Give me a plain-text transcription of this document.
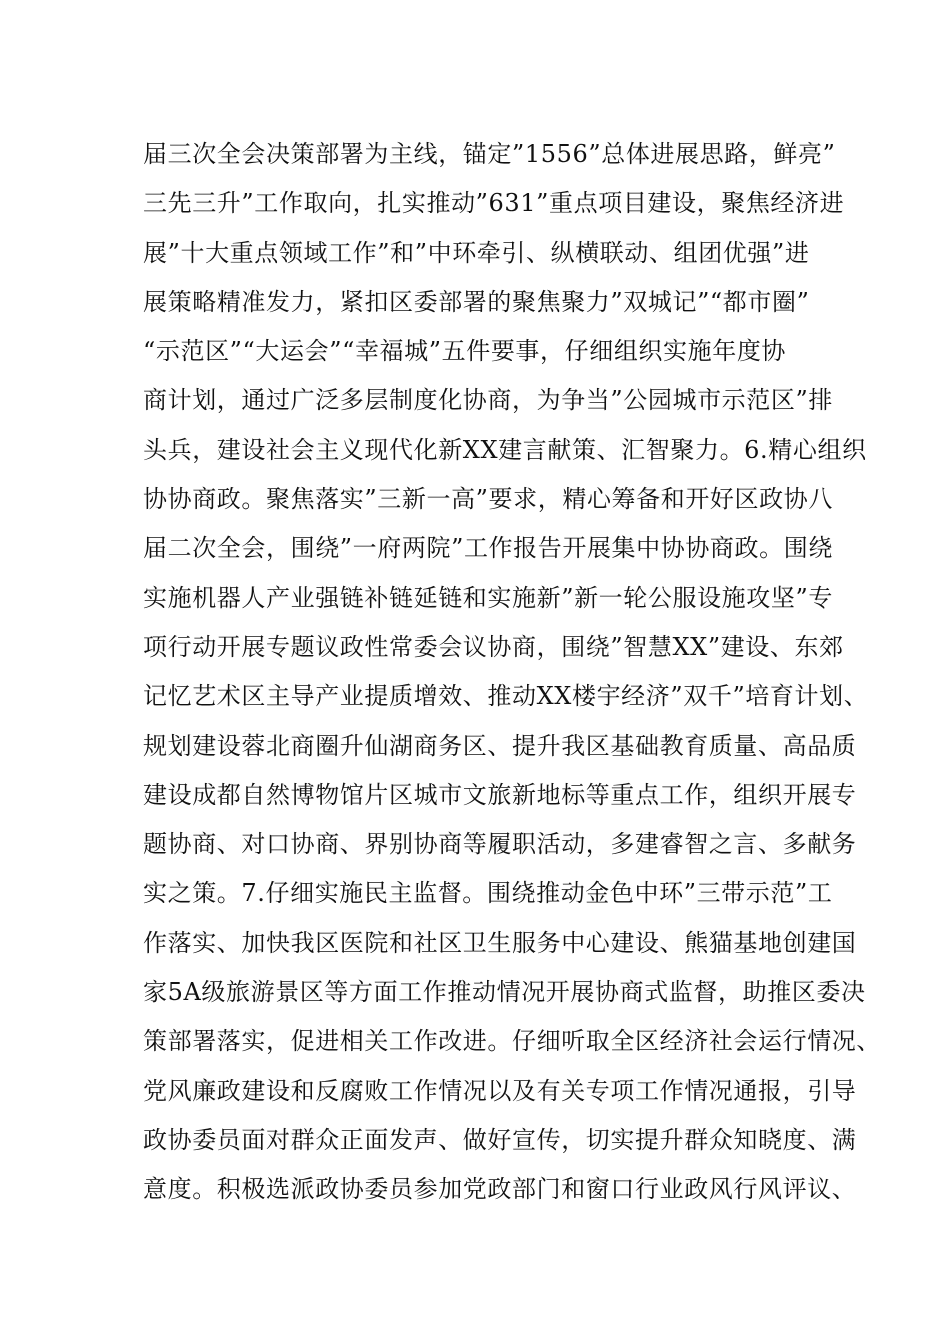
届三次全会决策部署为主线，锚定”1556”总体进展思路，鲜亮”
三先三升”工作取向，扎实推动”631”重点项目建设，聚焦经济进
展”十大重点领域工作”和”中环牵引、纵横联动、组团优强”进
展策略精准发力，紧扣区委部署的聚焦聚力”双城记”“都市圈”
“示范区”“大运会”“幸福城”五件要事，仔细组织实施年度协
商计划，通过广泛多层制度化协商，为争当”公园城市示范区”排
头兵，建设社会主义现代化新XX建言献策、汇智聚力。6.精心组织
协协商政。聚焦落实”三新一高”要求，精心筹备和开好区政协八
届二次全会，围绕”一府两院”工作报告开展集中协协商政。围绕
实施机器人产业强链补链延链和实施新”新一轮公服设施攻坚”专
项行动开展专题议政性常委会议协商，围绕”智慧XX”建设、东郊
记忆艺术区主导产业提质增效、推动XX楼宇经济”双千”培育计划、
规划建设蓉北商圈升仙湖商务区、提升我区基础教育质量、高品质
建设成都自然博物馆片区城市文旅新地标等重点工作，组织开展专
题协商、对口协商、界别协商等履职活动，多建睿智之言、多献务
实之策。7.仔细实施民主监督。围绕推动金色中环”三带示范”工
作落实、加快我区医院和社区卫生服务中心建设、熊猫基地创建国
家5A级旅游景区等方面工作推动情况开展协商式监督，助推区委决
策部署落实，促进相关工作改进。仔细听取全区经济社会运行情况、
党风廉政建设和反腐败工作情况以及有关专项工作情况通报，引导
政协委员面对群众正面发声、做好宣传，切实提升群众知晓度、满
意度。积极选派政协委员参加党政部门和窗口行业政风行风评议、
